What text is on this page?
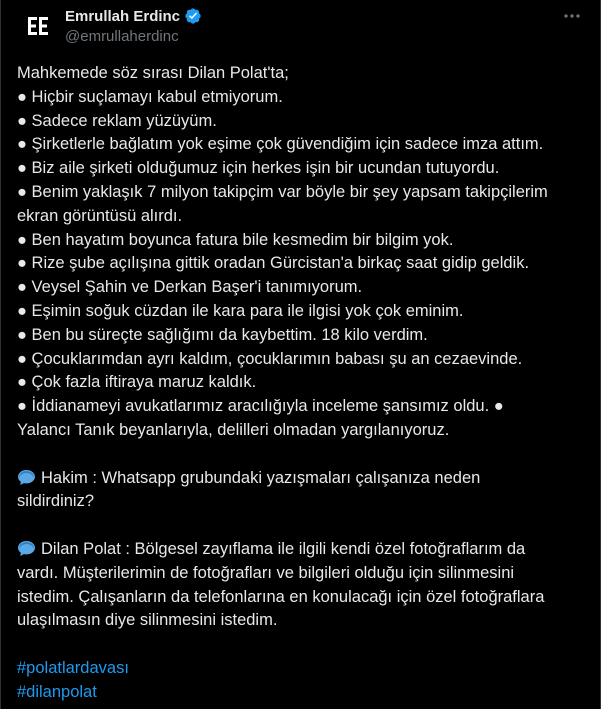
Emrullah Erdinc
@emrullaherdinc
Mahkemede söz sırası Dilan Polat'ta;
● Hiçbir suçlamayı kabul etmiyorum.
● Sadece reklam yüzüyüm.
● Şirketlerle bağlatım yok eşime çok güvendiğim için sadece imza attım.
● Biz aile şirketi olduğumuz için herkes işin bir ucundan tutuyordu.
● Benim yaklaşık 7 milyon takipçim var böyle bir şey yapsam takipçilerim
ekran görüntüsü alırdı.
● Ben hayatım boyunca fatura bile kesmedim bir bilgim yok.
● Rize şube açılışına gittik oradan Gürcistan'a birkaç saat gidip geldik.
● Veysel Şahin ve Derkan Başer'i tanımıyorum.
● Eşimin soğuk cüzdan ile kara para ile ilgisi yok çok eminim.
● Ben bu süreçte sağlığımı da kaybettim. 18 kilo verdim.
● Çocuklarımdan ayrı kaldım, çocuklarımın babası şu an cezaevinde.
● Çok fazla iftiraya maruz kaldık.
● İddianameyi avukatlarımız aracılığıyla inceleme şansımız oldu. ●
Yalancı Tanık beyanlarıyla, delilleri olmadan yargılanıyoruz.
Hakim : Whatsapp grubundaki yazışmaları çalışanıza neden
sildirdiniz?
Dilan Polat : Bölgesel zayıflama ile ilgili kendi özel fotoğraflarım da
vardı. Müşterilerimin de fotoğrafları ve bilgileri olduğu için silinmesini
istedim. Çalışanların da telefonlarına en konulacağı için özel fotoğraflara
ulaşılmasın diye silinmesini istedim.
#polatlardavası
#dilanpolat
